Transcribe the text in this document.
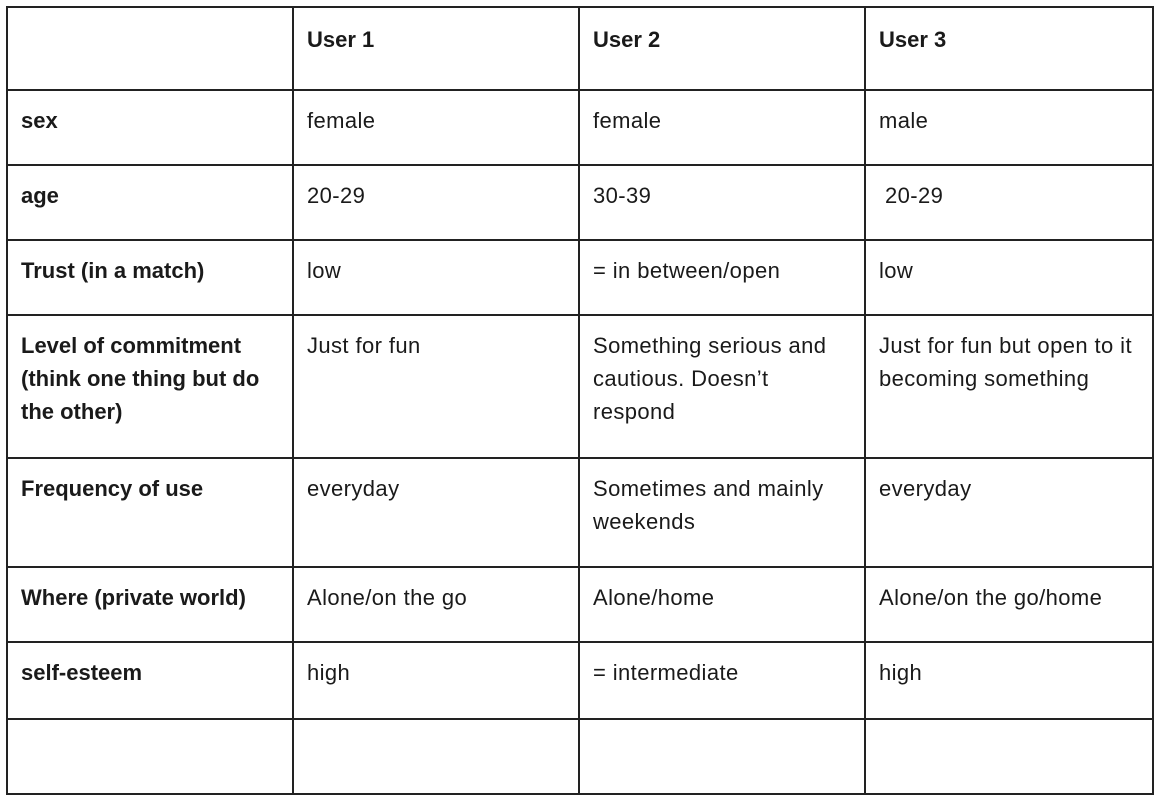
	User 1	User 2	User 3
sex	female	female	male
age	20-29	30-39	20-29
Trust (in a match)	low	= in between/open	low
Level of commitment (think one thing but do the other)	Just for fun	Something serious and cautious. Doesn’t respond	Just for fun but open to it becoming something
Frequency of use	everyday	Sometimes and mainly weekends	everyday
Where (private world)	Alone/on the go	Alone/home	Alone/on the go/home
self-esteem	high	= intermediate	high
